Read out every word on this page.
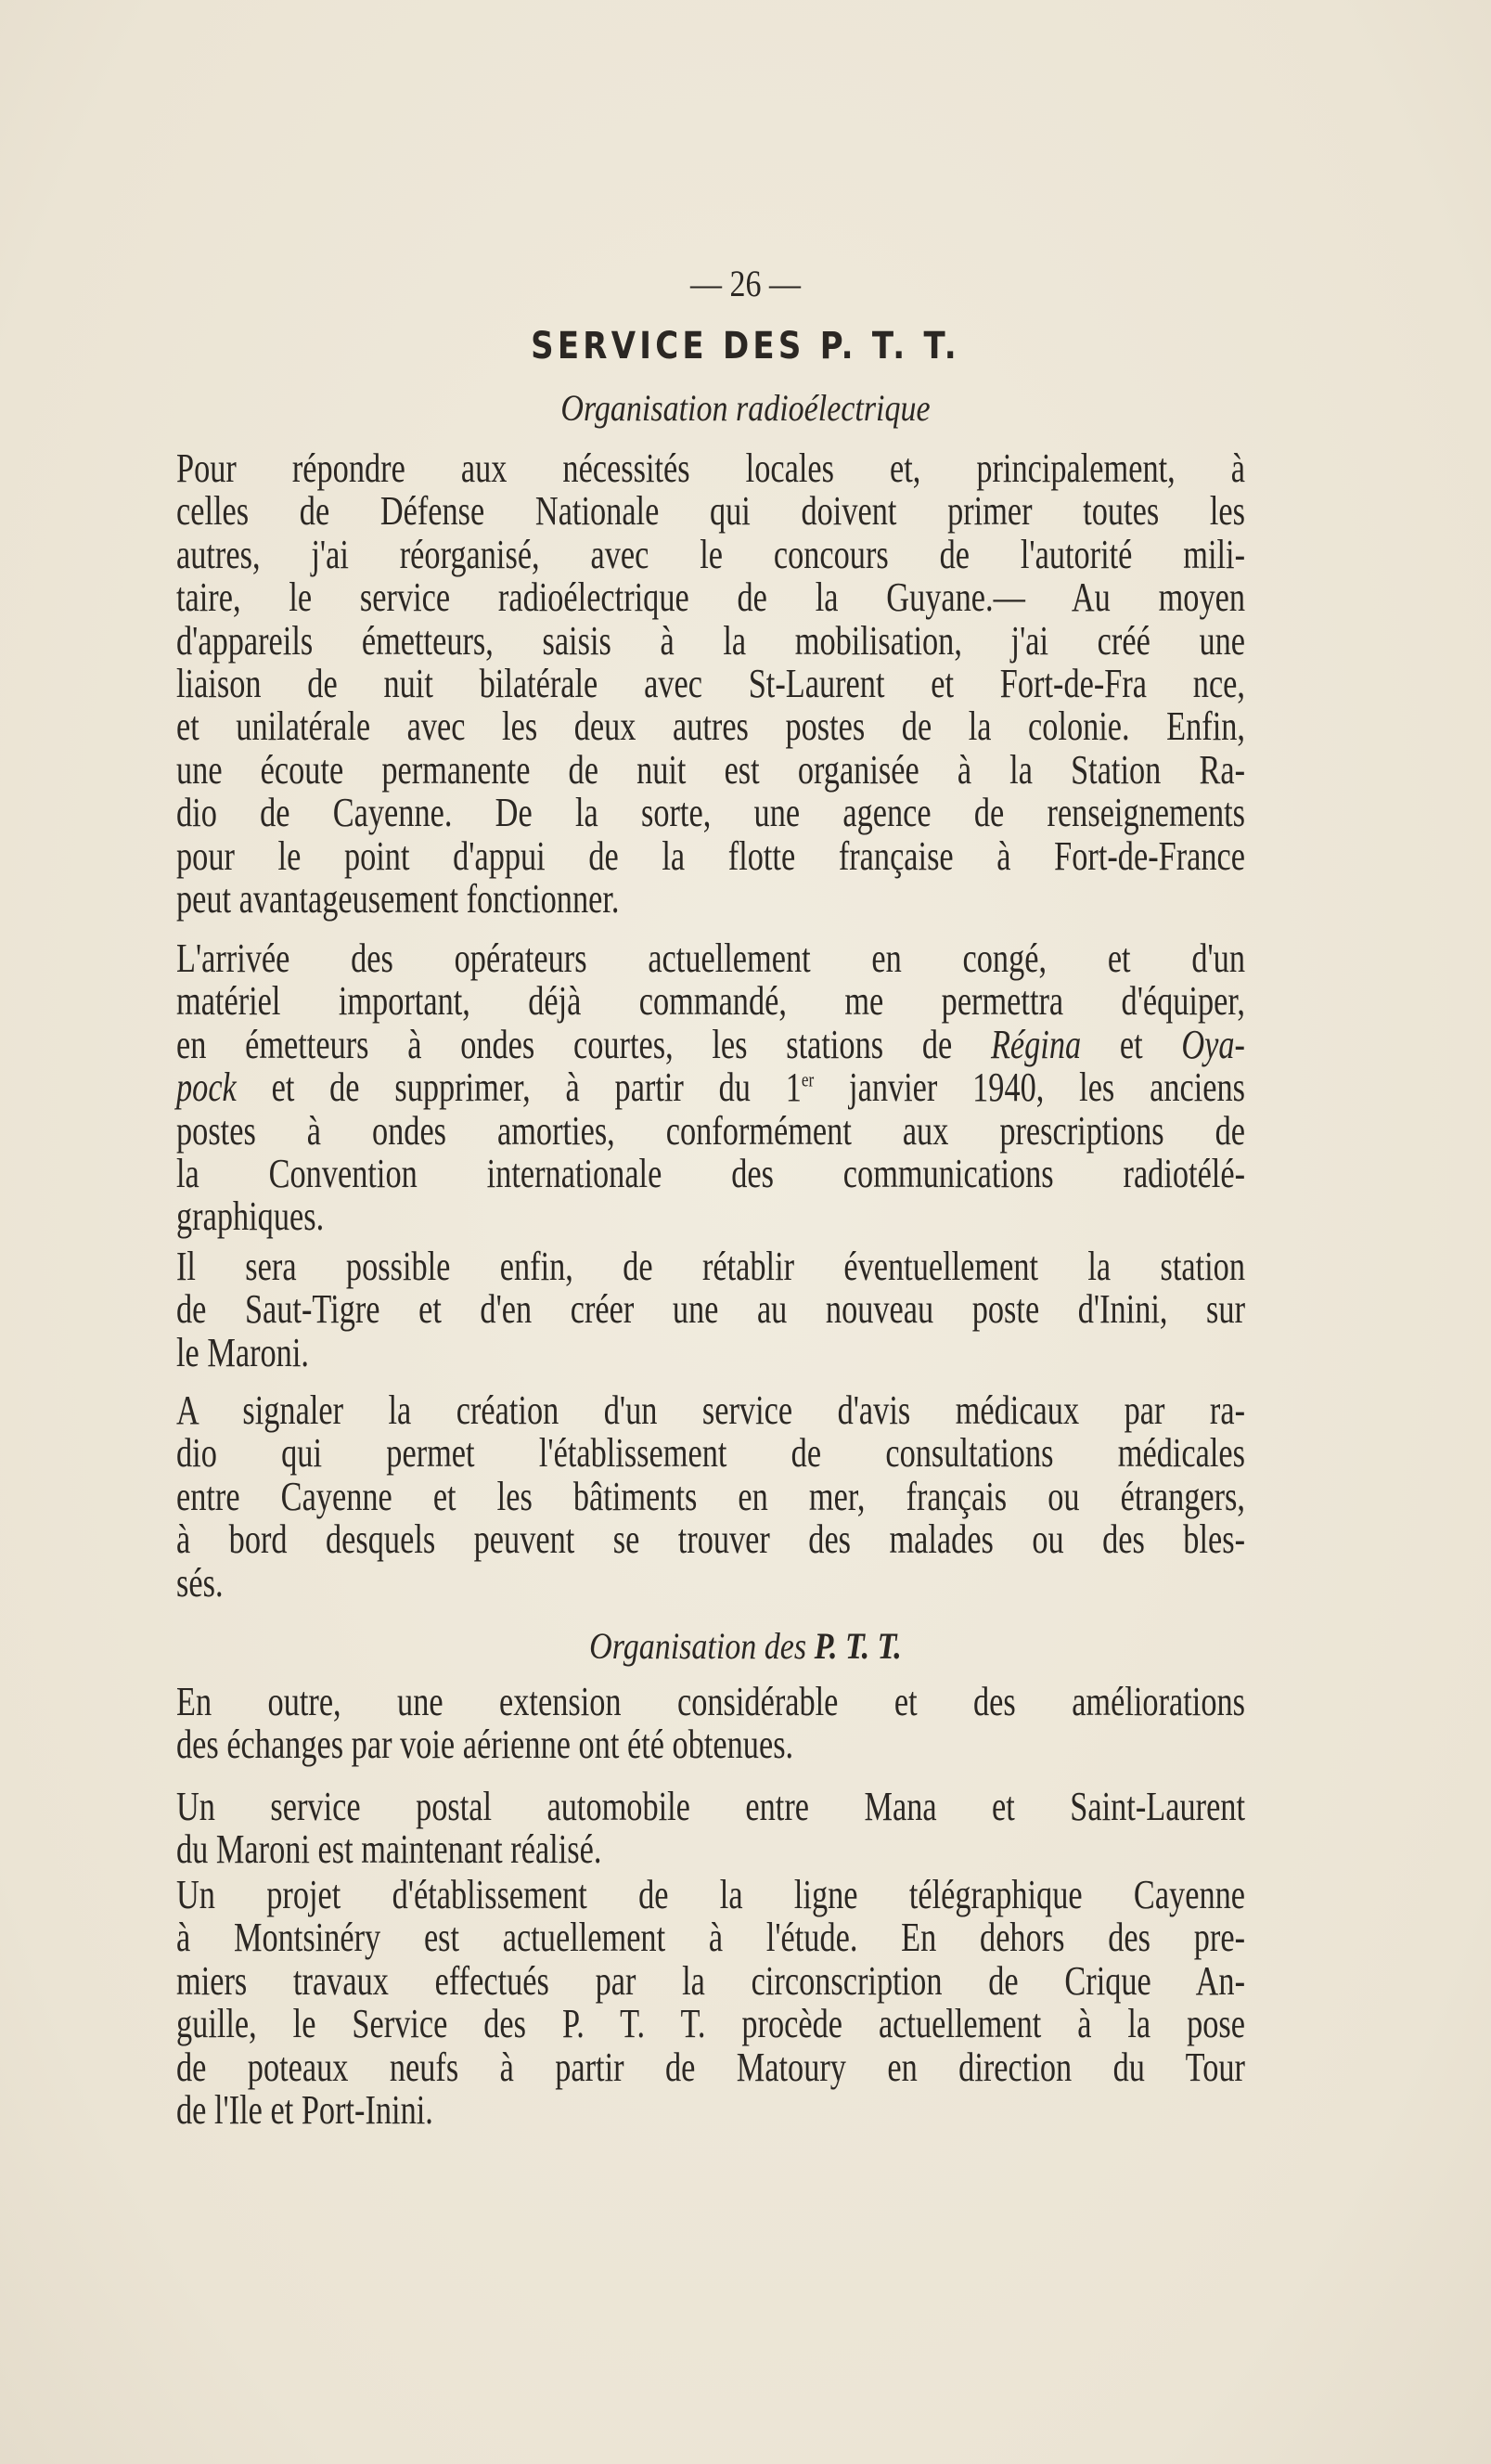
— 26 —
SERVICE DES P. T. T.
Organisation radioélectrique
Pour répondre aux nécessités locales et, principalement, à
celles de Défense Nationale qui doivent primer toutes les
autres, j'ai réorganisé, avec le concours de l'autorité mili-
taire, le service radioélectrique de la Guyane.— Au moyen
d'appareils émetteurs, saisis à la mobilisation, j'ai créé une
liaison de nuit bilatérale avec St-Laurent et Fort-de-Fra nce,
et unilatérale avec les deux autres postes de la colonie. Enfin,
une écoute permanente de nuit est organisée à la Station Ra-
dio de Cayenne. De la sorte, une agence de renseignements
pour le point d'appui de la flotte française à Fort-de-France
peut avantageusement fonctionner.
L'arrivée des opérateurs actuellement en congé, et d'un
matériel important, déjà commandé, me permettra d'équiper,
en émetteurs à ondes courtes, les stations de Régina et Oya-
pock et de supprimer, à partir du 1er janvier 1940, les anciens
postes à ondes amorties, conformément aux prescriptions de
la Convention internationale des communications radiotélé-
graphiques.
Il sera possible enfin, de rétablir éventuellement la station
de Saut-Tigre et d'en créer une au nouveau poste d'Inini, sur
le Maroni.
A signaler la création d'un service d'avis médicaux par ra-
dio qui permet l'établissement de consultations médicales
entre Cayenne et les bâtiments en mer, français ou étrangers,
à bord desquels peuvent se trouver des malades ou des bles-
sés.
Organisation des P. T. T.
En outre, une extension considérable et des améliorations
des échanges par voie aérienne ont été obtenues.
Un service postal automobile entre Mana et Saint-Laurent
du Maroni est maintenant réalisé.
Un projet d'établissement de la ligne télégraphique Cayenne
à Montsinéry est actuellement à l'étude. En dehors des pre-
miers travaux effectués par la circonscription de Crique An-
guille, le Service des P. T. T. procède actuellement à la pose
de poteaux neufs à partir de Matoury en direction du Tour
de l'Ile et Port-Inini.
